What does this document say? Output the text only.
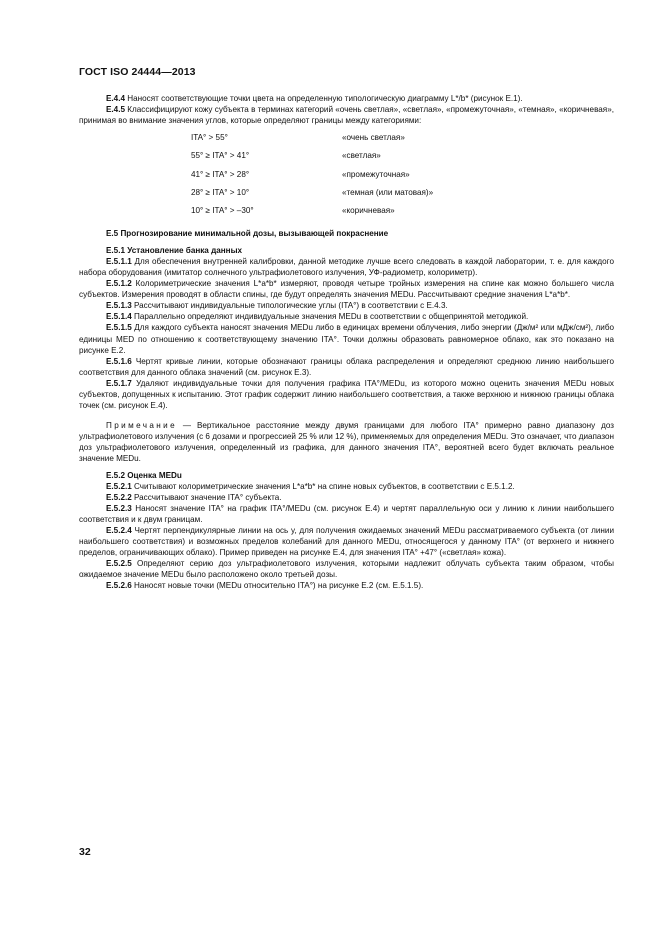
ГОСТ ISO 24444—2013

Е.4.4 Наносят соответствующие точки цвета на определенную типологическую диаграмму L*/b* (рисунок Е.1).

Е.4.5 Классифицируют кожу субъекта в терминах категорий «очень светлая», «светлая», «промежуточная», «темная», «коричневая», принимая во внимание значения углов, которые определяют границы между категориями:

ITA° > 55°	«очень светлая»
55° ≥ ITA° > 41°	«светлая»
41° ≥ ITA° > 28°	«промежуточная»
28° ≥ ITA° > 10°	«темная (или матовая)»
10° ≥ ITA° > –30°	«коричневая»
Е.5 Прогнозирование минимальной дозы, вызывающей покраснение
Е.5.1 Установление банка данных

Е.5.1.1 Для обеспечения внутренней калибровки, данной методике лучше всего следовать в каждой лаборатории, т. е. для каждого набора оборудования (имитатор солнечного ультрафиолетового излучения, УФ-радиометр, колориметр).

Е.5.1.2 Колориметрические значения L*a*b* измеряют, проводя четыре тройных измерения на спине как можно большего числа субъектов. Измерения проводят в области спины, где будут определять значения MEDu. Рассчитывают средние значения L*a*b*.

Е.5.1.3 Рассчитывают индивидуальные типологические углы (ITA°) в соответствии с Е.4.3.

Е.5.1.4 Параллельно определяют индивидуальные значения MEDu в соответствии с общепринятой методикой.

Е.5.1.5 Для каждого субъекта наносят значения MEDu либо в единицах времени облучения, либо энергии (Дж/м² или мДж/см²), либо единицы MED по отношению к соответствующему значению ITA°. Точки должны образовать равномерное облако, как это показано на рисунке Е.2.

Е.5.1.6 Чертят кривые линии, которые обозначают границы облака распределения и определяют среднюю линию наибольшего соответствия для данного облака значений (см. рисунок Е.3).

Е.5.1.7 Удаляют индивидуальные точки для получения графика ITA°/MEDu, из которого можно оценить значения MEDu новых субъектов, допущенных к испытанию. Этот график содержит линию наибольшего соответствия, а также верхнюю и нижнюю границы облака точек (см. рисунок Е.4).

Примечание — Вертикальное расстояние между двумя границами для любого ITA° примерно равно диапазону доз ультрафиолетового излучения (с 6 дозами и прогрессией 25 % или 12 %), применяемых для определения MEDu. Это означает, что диапазон доз ультрафиолетового излучения, определенный из графика, для данного значения ITA°, вероятней всего будет включать реальное значение MEDu.

Е.5.2 Оценка MEDu

Е.5.2.1 Считывают колориметрические значения L*a*b* на спине новых субъектов, в соответствии с Е.5.1.2.

Е.5.2.2 Рассчитывают значение ITA° субъекта.

Е.5.2.3 Наносят значение ITA° на график ITA°/MEDu (см. рисунок Е.4) и чертят параллельную оси y линию к линии наибольшего соответствия и к двум границам.

Е.5.2.4 Чертят перпендикулярные линии на ось y, для получения ожидаемых значений MEDu рассматриваемого субъекта (от линии наибольшего соответствия) и возможных пределов колебаний для данного MEDu, относящегося у данному ITA° (от верхнего и нижнего пределов, ограничивающих облако). Пример приведен на рисунке Е.4, для значения ITA° +47° («светлая» кожа).

Е.5.2.5 Определяют серию доз ультрафиолетового излучения, которыми надлежит облучать субъекта таким образом, чтобы ожидаемое значение MEDu было расположено около третьей дозы.

Е.5.2.6 Наносят новые точки (MEDu относительно ITA°) на рисунке Е.2 (см. Е.5.1.5).

32
